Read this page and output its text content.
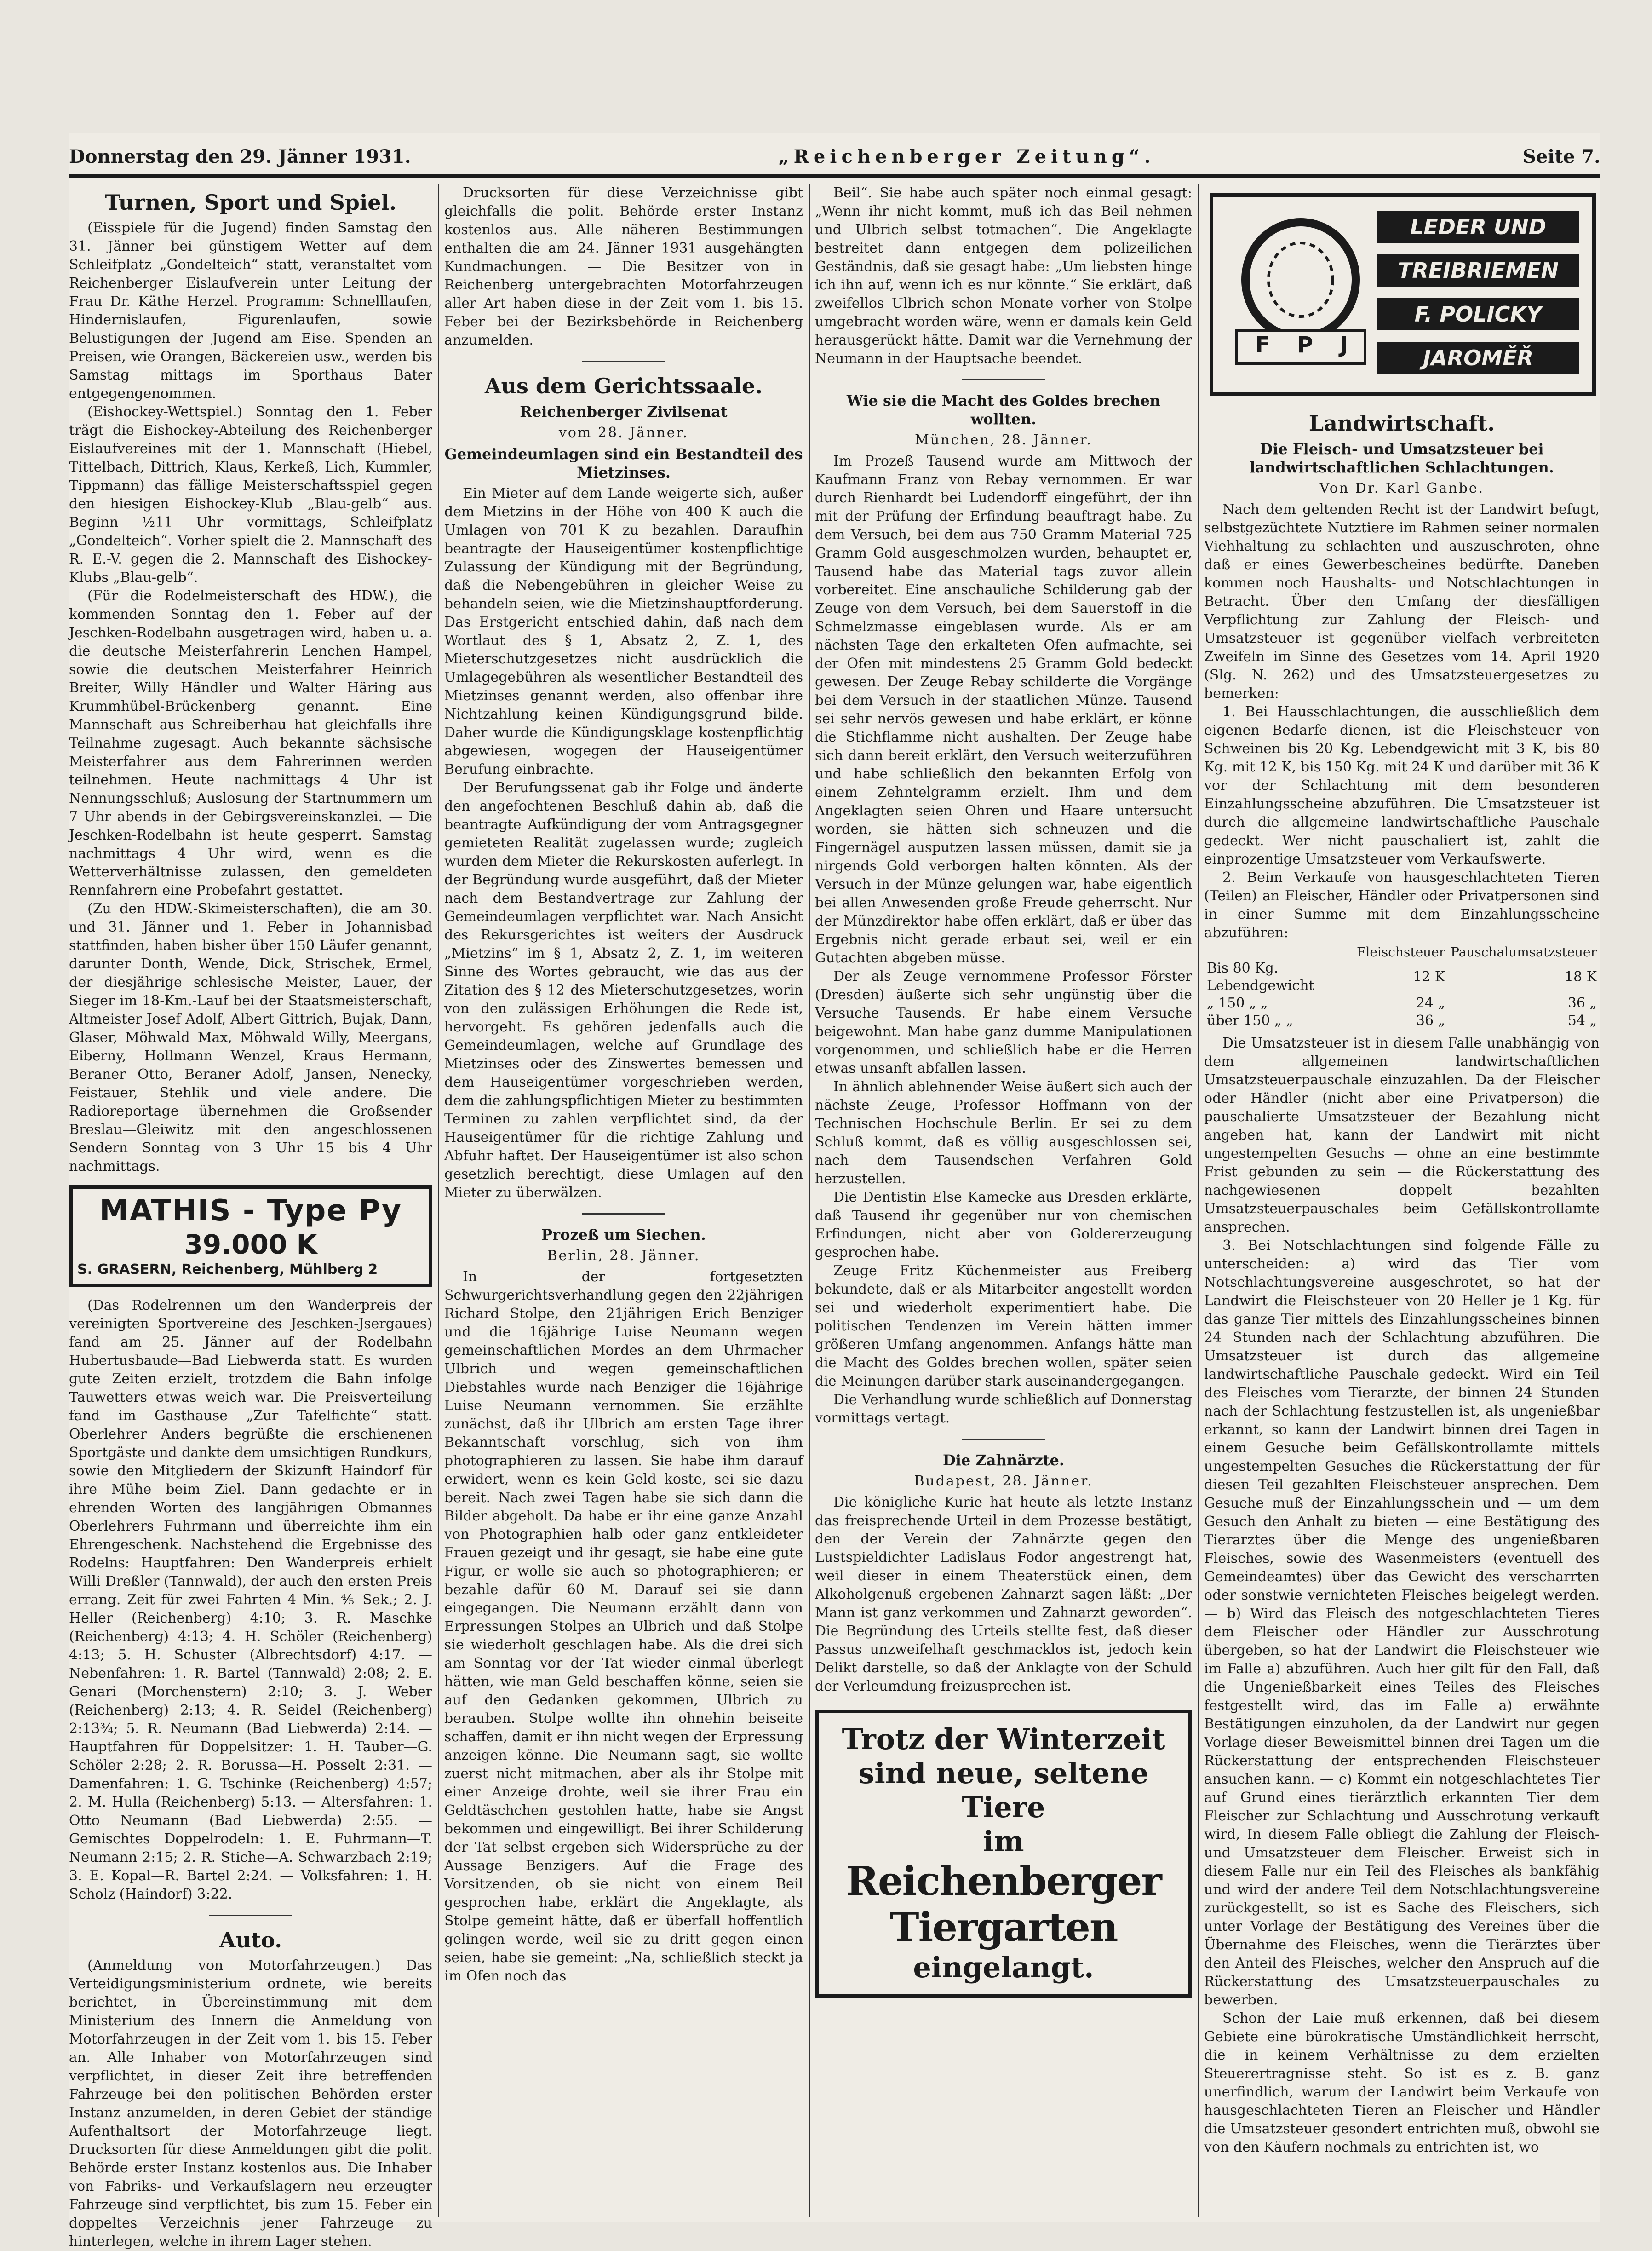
Donnerstag den 29. Jänner 1931.	„Reichenberger Zeitung“.	Seite 7.
Turnen, Sport und Spiel.

(Eisspiele für die Jugend) finden Samstag den 31. Jänner bei günstigem Wetter auf dem Schleifplatz „Gondelteich“ statt, veranstaltet vom Reichenberger Eislaufverein unter Leitung der Frau Dr. Käthe Herzel. Programm: Schnelllaufen, Hindernislaufen, Figurenlaufen, sowie Belustigungen der Jugend am Eise. Spenden an Preisen, wie Orangen, Bäckereien usw., werden bis Samstag mittags im Sporthaus Bater entgegengenommen.

(Eishockey-Wettspiel.) Sonntag den 1. Feber trägt die Eishockey-Abteilung des Reichenberger Eislaufvereines mit der 1. Mannschaft (Hiebel, Tittelbach, Dittrich, Klaus, Kerkeß, Lich, Kummler, Tippmann) das fällige Meisterschaftsspiel gegen den hiesigen Eishockey-Klub „Blau-gelb“ aus. Beginn ½11 Uhr vormittags, Schleifplatz „Gondelteich“. Vorher spielt die 2. Mannschaft des R. E.-V. gegen die 2. Mannschaft des Eishockey-Klubs „Blau-gelb“.

(Für die Rodelmeisterschaft des HDW.), die kommenden Sonntag den 1. Feber auf der Jeschken-Rodelbahn ausgetragen wird, haben u. a. die deutsche Meisterfahrerin Lenchen Hampel, sowie die deutschen Meisterfahrer Heinrich Breiter, Willy Händler und Walter Häring aus Krummhübel-Brückenberg genannt. Eine Mannschaft aus Schreiberhau hat gleichfalls ihre Teilnahme zugesagt. Auch bekannte sächsische Meisterfahrer aus dem Fahrerinnen werden teilnehmen. Heute nachmittags 4 Uhr ist Nennungsschluß; Auslosung der Startnummern um 7 Uhr abends in der Gebirgsvereinskanzlei. — Die Jeschken-Rodelbahn ist heute gesperrt. Samstag nachmittags 4 Uhr wird, wenn es die Wetterverhältnisse zulassen, den gemeldeten Rennfahrern eine Probefahrt gestattet.

(Zu den HDW.-Skimeisterschaften), die am 30. und 31. Jänner und 1. Feber in Johannisbad stattfinden, haben bisher über 150 Läufer genannt, darunter Donth, Wende, Dick, Strischek, Ermel, der diesjährige schlesische Meister, Lauer, der Sieger im 18-Km.-Lauf bei der Staatsmeisterschaft, Altmeister Josef Adolf, Albert Gittrich, Bujak, Dann, Glaser, Möhwald Max, Möhwald Willy, Meergans, Eiberny, Hollmann Wenzel, Kraus Hermann, Beraner Otto, Beraner Adolf, Jansen, Nenecky, Feistauer, Stehlik und viele andere. Die Radioreportage übernehmen die Großsender Breslau—Gleiwitz mit den angeschlossenen Sendern Sonntag von 3 Uhr 15 bis 4 Uhr nachmittags.

MATHIS - Type Py
39.000 K
S. GRASERN, Reichenberg, Mühlberg 2

(Das Rodelrennen um den Wanderpreis der vereinigten Sportvereine des Jeschken-Jsergaues) fand am 25. Jänner auf der Rodelbahn Hubertusbaude—Bad Liebwerda statt. Es wurden gute Zeiten erzielt, trotzdem die Bahn infolge Tauwetters etwas weich war. Die Preisverteilung fand im Gasthause „Zur Tafelfichte“ statt. Oberlehrer Anders begrüßte die erschienenen Sportgäste und dankte dem umsichtigen Rundkurs, sowie den Mitgliedern der Skizunft Haindorf für ihre Mühe beim Ziel. Dann gedachte er in ehrenden Worten des langjährigen Obmannes Oberlehrers Fuhrmann und überreichte ihm ein Ehrengeschenk. Nachstehend die Ergebnisse des Rodelns: Hauptfahren: Den Wanderpreis erhielt Willi Dreßler (Tannwald), der auch den ersten Preis errang. Zeit für zwei Fahrten 4 Min. ⅘ Sek.; 2. J. Heller (Reichenberg) 4:10; 3. R. Maschke (Reichenberg) 4:13; 4. H. Schöler (Reichenberg) 4:13; 5. H. Schuster (Albrechtsdorf) 4:17. — Nebenfahren: 1. R. Bartel (Tannwald) 2:08; 2. E. Genari (Morchenstern) 2:10; 3. J. Weber (Reichenberg) 2:13; 4. R. Seidel (Reichenberg) 2:13¾; 5. R. Neumann (Bad Liebwerda) 2:14. — Hauptfahren für Doppelsitzer: 1. H. Tauber—G. Schöler 2:28; 2. R. Borussa—H. Posselt 2:31. — Damenfahren: 1. G. Tschinke (Reichenberg) 4:57; 2. M. Hulla (Reichenberg) 5:13. — Altersfahren: 1. Otto Neumann (Bad Liebwerda) 2:55. — Gemischtes Doppelrodeln: 1. E. Fuhrmann—T. Neumann 2:15; 2. R. Stiche—A. Schwarzbach 2:19; 3. E. Kopal—R. Bartel 2:24. — Volksfahren: 1. H. Scholz (Haindorf) 3:22.

Auto.

(Anmeldung von Motorfahrzeugen.) Das Verteidigungsministerium ordnete, wie bereits berichtet, in Übereinstimmung mit dem Ministerium des Innern die Anmeldung von Motorfahrzeugen in der Zeit vom 1. bis 15. Feber an. Alle Inhaber von Motorfahrzeugen sind verpflichtet, in dieser Zeit ihre betreffenden Fahrzeuge bei den politischen Behörden erster Instanz anzumelden, in deren Gebiet der ständige Aufenthaltsort der Motorfahrzeuge liegt. Drucksorten für diese Anmeldungen gibt die polit. Behörde erster Instanz kostenlos aus. Die Inhaber von Fabriks- und Verkaufslagern neu erzeugter Fahrzeuge sind verpflichtet, bis zum 15. Feber ein doppeltes Verzeichnis jener Fahrzeuge zu hinterlegen, welche in ihrem Lager stehen.

Drucksorten für diese Verzeichnisse gibt gleichfalls die polit. Behörde erster Instanz kostenlos aus. Alle näheren Bestimmungen enthalten die am 24. Jänner 1931 ausgehängten Kundmachungen. — Die Besitzer von in Reichenberg untergebrachten Motorfahrzeugen aller Art haben diese in der Zeit vom 1. bis 15. Feber bei der Bezirksbehörde in Reichenberg anzumelden.

Aus dem Gerichtssaale.
Reichenberger Zivilsenat
vom 28. Jänner.
Gemeindeumlagen sind ein Bestandteil des Mietzinses.

Ein Mieter auf dem Lande weigerte sich, außer dem Mietzins in der Höhe von 400 K auch die Umlagen von 701 K zu bezahlen. Daraufhin beantragte der Hauseigentümer kostenpflichtige Zulassung der Kündigung mit der Begründung, daß die Nebengebühren in gleicher Weise zu behandeln seien, wie die Mietzinshauptforderung. Das Erstgericht entschied dahin, daß nach dem Wortlaut des § 1, Absatz 2, Z. 1, des Mieterschutzgesetzes nicht ausdrücklich die Umlagegebühren als wesentlicher Bestandteil des Mietzinses genannt werden, also offenbar ihre Nichtzahlung keinen Kündigungsgrund bilde. Daher wurde die Kündigungsklage kostenpflichtig abgewiesen, wogegen der Hauseigentümer Berufung einbrachte.

Der Berufungssenat gab ihr Folge und änderte den angefochtenen Beschluß dahin ab, daß die beantragte Aufkündigung der vom Antragsgegner gemieteten Realität zugelassen wurde; zugleich wurden dem Mieter die Rekurskosten auferlegt. In der Begründung wurde ausgeführt, daß der Mieter nach dem Bestandvertrage zur Zahlung der Gemeindeumlagen verpflichtet war. Nach Ansicht des Rekursgerichtes ist weiters der Ausdruck „Mietzins“ im § 1, Absatz 2, Z. 1, im weiteren Sinne des Wortes gebraucht, wie das aus der Zitation des § 12 des Mieterschutzgesetzes, worin von den zulässigen Erhöhungen die Rede ist, hervorgeht. Es gehören jedenfalls auch die Gemeindeumlagen, welche auf Grundlage des Mietzinses oder des Zinswertes bemessen und dem Hauseigentümer vorgeschrieben werden, dem die zahlungspflichtigen Mieter zu bestimmten Terminen zu zahlen verpflichtet sind, da der Hauseigentümer für die richtige Zahlung und Abfuhr haftet. Der Hauseigentümer ist also schon gesetzlich berechtigt, diese Umlagen auf den Mieter zu überwälzen.

Prozeß um Siechen.
Berlin, 28. Jänner.

In der fortgesetzten Schwurgerichtsverhandlung gegen den 22jährigen Richard Stolpe, den 21jährigen Erich Benziger und die 16jährige Luise Neumann wegen gemeinschaftlichen Mordes an dem Uhrmacher Ulbrich und wegen gemeinschaftlichen Diebstahles wurde nach Benziger die 16jährige Luise Neumann vernommen. Sie erzählte zunächst, daß ihr Ulbrich am ersten Tage ihrer Bekanntschaft vorschlug, sich von ihm photographieren zu lassen. Sie habe ihm darauf erwidert, wenn es kein Geld koste, sei sie dazu bereit. Nach zwei Tagen habe sie sich dann die Bilder abgeholt. Da habe er ihr eine ganze Anzahl von Photographien halb oder ganz entkleideter Frauen gezeigt und ihr gesagt, sie habe eine gute Figur, er wolle sie auch so photographieren; er bezahle dafür 60 M. Darauf sei sie dann eingegangen. Die Neumann erzählt dann von Erpressungen Stolpes an Ulbrich und daß Stolpe sie wiederholt geschlagen habe. Als die drei sich am Sonntag vor der Tat wieder einmal überlegt hätten, wie man Geld beschaffen könne, seien sie auf den Gedanken gekommen, Ulbrich zu berauben. Stolpe wollte ihn ohnehin beiseite schaffen, damit er ihn nicht wegen der Erpressung anzeigen könne. Die Neumann sagt, sie wollte zuerst nicht mitmachen, aber als ihr Stolpe mit einer Anzeige drohte, weil sie ihrer Frau ein Geldtäschchen gestohlen hatte, habe sie Angst bekommen und eingewilligt. Bei ihrer Schilderung der Tat selbst ergeben sich Widersprüche zu der Aussage Benzigers. Auf die Frage des Vorsitzenden, ob sie nicht von einem Beil gesprochen habe, erklärt die Angeklagte, als Stolpe gemeint hätte, daß er überfall hoffentlich gelingen werde, weil sie zu dritt gegen einen seien, habe sie gemeint: „Na, schließlich steckt ja im Ofen noch das

Beil“. Sie habe auch später noch einmal gesagt: „Wenn ihr nicht kommt, muß ich das Beil nehmen und Ulbrich selbst totmachen“. Die Angeklagte bestreitet dann entgegen dem polizeilichen Geständnis, daß sie gesagt habe: „Um liebsten hinge ich ihn auf, wenn ich es nur könnte.“ Sie erklärt, daß zweifellos Ulbrich schon Monate vorher von Stolpe umgebracht worden wäre, wenn er damals kein Geld herausgerückt hätte. Damit war die Vernehmung der Neumann in der Hauptsache beendet.

Wie sie die Macht des Goldes brechen wollten.
München, 28. Jänner.

Im Prozeß Tausend wurde am Mittwoch der Kaufmann Franz von Rebay vernommen. Er war durch Rienhardt bei Ludendorff eingeführt, der ihn mit der Prüfung der Erfindung beauftragt habe. Zu dem Versuch, bei dem aus 750 Gramm Material 725 Gramm Gold ausgeschmolzen wurden, behauptet er, Tausend habe das Material tags zuvor allein vorbereitet. Eine anschauliche Schilderung gab der Zeuge von dem Versuch, bei dem Sauerstoff in die Schmelzmasse eingeblasen wurde. Als er am nächsten Tage den erkalteten Ofen aufmachte, sei der Ofen mit mindestens 25 Gramm Gold bedeckt gewesen. Der Zeuge Rebay schilderte die Vorgänge bei dem Versuch in der staatlichen Münze. Tausend sei sehr nervös gewesen und habe erklärt, er könne die Stichflamme nicht aushalten. Der Zeuge habe sich dann bereit erklärt, den Versuch weiterzuführen und habe schließlich den bekannten Erfolg von einem Zehntelgramm erzielt. Ihm und dem Angeklagten seien Ohren und Haare untersucht worden, sie hätten sich schneuzen und die Fingernägel ausputzen lassen müssen, damit sie ja nirgends Gold verborgen halten könnten. Als der Versuch in der Münze gelungen war, habe eigentlich bei allen Anwesenden große Freude geherrscht. Nur der Münzdirektor habe offen erklärt, daß er über das Ergebnis nicht gerade erbaut sei, weil er ein Gutachten abgeben müsse.

Der als Zeuge vernommene Professor Förster (Dresden) äußerte sich sehr ungünstig über die Versuche Tausends. Er habe einem Versuche beigewohnt. Man habe ganz dumme Manipulationen vorgenommen, und schließlich habe er die Herren etwas unsanft abfallen lassen.

In ähnlich ablehnender Weise äußert sich auch der nächste Zeuge, Professor Hoffmann von der Technischen Hochschule Berlin. Er sei zu dem Schluß kommt, daß es völlig ausgeschlossen sei, nach dem Tausendschen Verfahren Gold herzustellen.

Die Dentistin Else Kamecke aus Dresden erklärte, daß Tausend ihr gegenüber nur von chemischen Erfindungen, nicht aber von Goldererzeugung gesprochen habe.

Zeuge Fritz Küchenmeister aus Freiberg bekundete, daß er als Mitarbeiter angestellt worden sei und wiederholt experimentiert habe. Die politischen Tendenzen im Verein hätten immer größeren Umfang angenommen. Anfangs hätte man die Macht des Goldes brechen wollen, später seien die Meinungen darüber stark auseinandergegangen.

Die Verhandlung wurde schließlich auf Donnerstag vormittags vertagt.

Die Zahnärzte.
Budapest, 28. Jänner.

Die königliche Kurie hat heute als letzte Instanz das freisprechende Urteil in dem Prozesse bestätigt, den der Verein der Zahnärzte gegen den Lustspieldichter Ladislaus Fodor angestrengt hat, weil dieser in einem Theaterstück einen, dem Alkoholgenuß ergebenen Zahnarzt sagen läßt: „Der Mann ist ganz verkommen und Zahnarzt geworden“. Die Begründung des Urteils stellte fest, daß dieser Passus unzweifelhaft geschmacklos ist, jedoch kein Delikt darstelle, so daß der Anklagte von der Schuld der Verleumdung freizusprechen ist.

Trotz der Winterzeit
sind neue, seltene Tiere
im
Reichenberger Tiergarten
eingelangt.
F P J
LEDER UND
TREIBRIEMEN
F. POLICKY
JAROMĚŘ
Landwirtschaft.
Die Fleisch- und Umsatzsteuer bei landwirtschaftlichen Schlachtungen.
Von Dr. Karl Ganbe.

Nach dem geltenden Recht ist der Landwirt befugt, selbstgezüchtete Nutztiere im Rahmen seiner normalen Viehhaltung zu schlachten und auszuschroten, ohne daß er eines Gewerbescheines bedürfte. Daneben kommen noch Haushalts- und Notschlachtungen in Betracht. Über den Umfang der diesfälligen Verpflichtung zur Zahlung der Fleisch- und Umsatzsteuer ist gegenüber vielfach verbreiteten Zweifeln im Sinne des Gesetzes vom 14. April 1920 (Slg. N. 262) und des Umsatzsteuergesetzes zu bemerken:

1. Bei Hausschlachtungen, die ausschließlich dem eigenen Bedarfe dienen, ist die Fleischsteuer von Schweinen bis 20 Kg. Lebendgewicht mit 3 K, bis 80 Kg. mit 12 K, bis 150 Kg. mit 24 K und darüber mit 36 K vor der Schlachtung mit dem besonderen Einzahlungsscheine abzuführen. Die Umsatzsteuer ist durch die allgemeine landwirtschaftliche Pauschale gedeckt. Wer nicht pauschaliert ist, zahlt die einprozentige Umsatzsteuer vom Verkaufswerte.

2. Beim Verkaufe von hausgeschlachteten Tieren (Teilen) an Fleischer, Händler oder Privatpersonen sind in einer Summe mit dem Einzahlungsscheine abzuführen:

	Fleischsteuer	Pauschalumsatzsteuer
Bis 80 Kg. Lebendgewicht	12 K	18 K
„ 150 „ „	24 „	36 „
über 150 „ „	36 „	54 „

Die Umsatzsteuer ist in diesem Falle unabhängig von dem allgemeinen landwirtschaftlichen Umsatzsteuerpauschale einzuzahlen. Da der Fleischer oder Händler (nicht aber eine Privatperson) die pauschalierte Umsatzsteuer der Bezahlung nicht angeben hat, kann der Landwirt mit nicht ungestempelten Gesuchs — ohne an eine bestimmte Frist gebunden zu sein — die Rückerstattung des nachgewiesenen doppelt bezahlten Umsatzsteuerpauschales beim Gefällskontrollamte ansprechen.

3. Bei Notschlachtungen sind folgende Fälle zu unterscheiden: a) wird das Tier vom Notschlachtungsvereine ausgeschrotet, so hat der Landwirt die Fleischsteuer von 20 Heller je 1 Kg. für das ganze Tier mittels des Einzahlungsscheines binnen 24 Stunden nach der Schlachtung abzuführen. Die Umsatzsteuer ist durch das allgemeine landwirtschaftliche Pauschale gedeckt. Wird ein Teil des Fleisches vom Tierarzte, der binnen 24 Stunden nach der Schlachtung festzustellen ist, als ungenießbar erkannt, so kann der Landwirt binnen drei Tagen in einem Gesuche beim Gefällskontrollamte mittels ungestempelten Gesuches die Rückerstattung der für diesen Teil gezahlten Fleischsteuer ansprechen. Dem Gesuche muß der Einzahlungsschein und — um dem Gesuch den Anhalt zu bieten — eine Bestätigung des Tierarztes über die Menge des ungenießbaren Fleisches, sowie des Wasenmeisters (eventuell des Gemeindeamtes) über das Gewicht des verscharrten oder sonstwie vernichteten Fleisches beigelegt werden. — b) Wird das Fleisch des notgeschlachteten Tieres dem Fleischer oder Händler zur Ausschrotung übergeben, so hat der Landwirt die Fleischsteuer wie im Falle a) abzuführen. Auch hier gilt für den Fall, daß die Ungenießbarkeit eines Teiles des Fleisches festgestellt wird, das im Falle a) erwähnte Bestätigungen einzuholen, da der Landwirt nur gegen Vorlage dieser Beweismittel binnen drei Tagen um die Rückerstattung der entsprechenden Fleischsteuer ansuchen kann. — c) Kommt ein notgeschlachtetes Tier auf Grund eines tierärztlich erkannten Tier dem Fleischer zur Schlachtung und Ausschrotung verkauft wird, In diesem Falle obliegt die Zahlung der Fleisch- und Umsatzsteuer dem Fleischer. Erweist sich in diesem Falle nur ein Teil des Fleisches als bankfähig und wird der andere Teil dem Notschlachtungsvereine zurückgestellt, so ist es Sache des Fleischers, sich unter Vorlage der Bestätigung des Vereines über die Übernahme des Fleisches, wenn die Tierärztes über den Anteil des Fleisches, welcher den Anspruch auf die Rückerstattung des Umsatzsteuerpauschales zu bewerben.

Schon der Laie muß erkennen, daß bei diesem Gebiete eine bürokratische Umständlichkeit herrscht, die in keinem Verhältnisse zu dem erzielten Steuerertragnisse steht. So ist es z. B. ganz unerfindlich, warum der Landwirt beim Verkaufe von hausgeschlachteten Tieren an Fleischer und Händler die Umsatzsteuer gesondert entrichten muß, obwohl sie von den Käufern nochmals zu entrichten ist, wo
